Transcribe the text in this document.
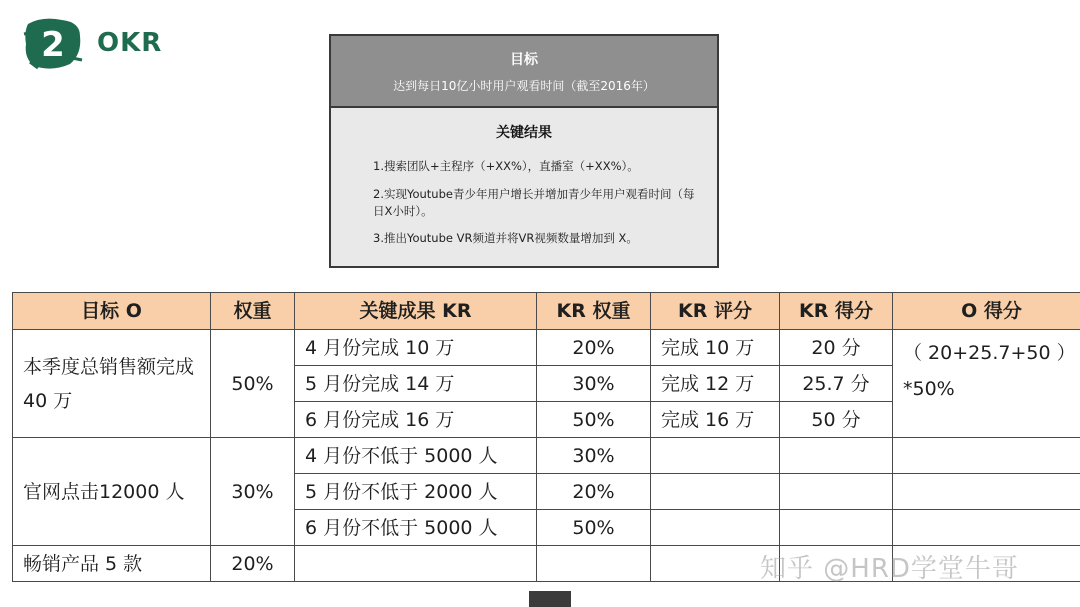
2 OKR
目标
达到每日10亿小时用户观看时间（截至2016年）
关键结果
1.搜索团队+主程序（+XX%），直播室（+XX%）。
2.实现Youtube青少年用户增长并增加青少年用户观看时间（每日X小时）。
3.推出Youtube VR频道并将VR视频数量增加到 X。
目标 O	权重	关键成果 KR	KR 权重	KR 评分	KR 得分	O 得分
本季度总销售额完成 40 万	50%	4 月份完成 10 万	20%	完成 10 万	20 分	（ 20+25.7+50 ）*50%
		5 月份完成 14 万	30%	完成 12 万	25.7 分	
		6 月份完成 16 万	50%	完成 16 万	50 分	
官网点击12000 人	30%	4 月份不低于 5000 人	30%			
		5 月份不低于 2000 人	20%			
		6 月份不低于 5000 人	50%			
畅销产品 5 款	20%						知乎 @HRD学堂牛哥
